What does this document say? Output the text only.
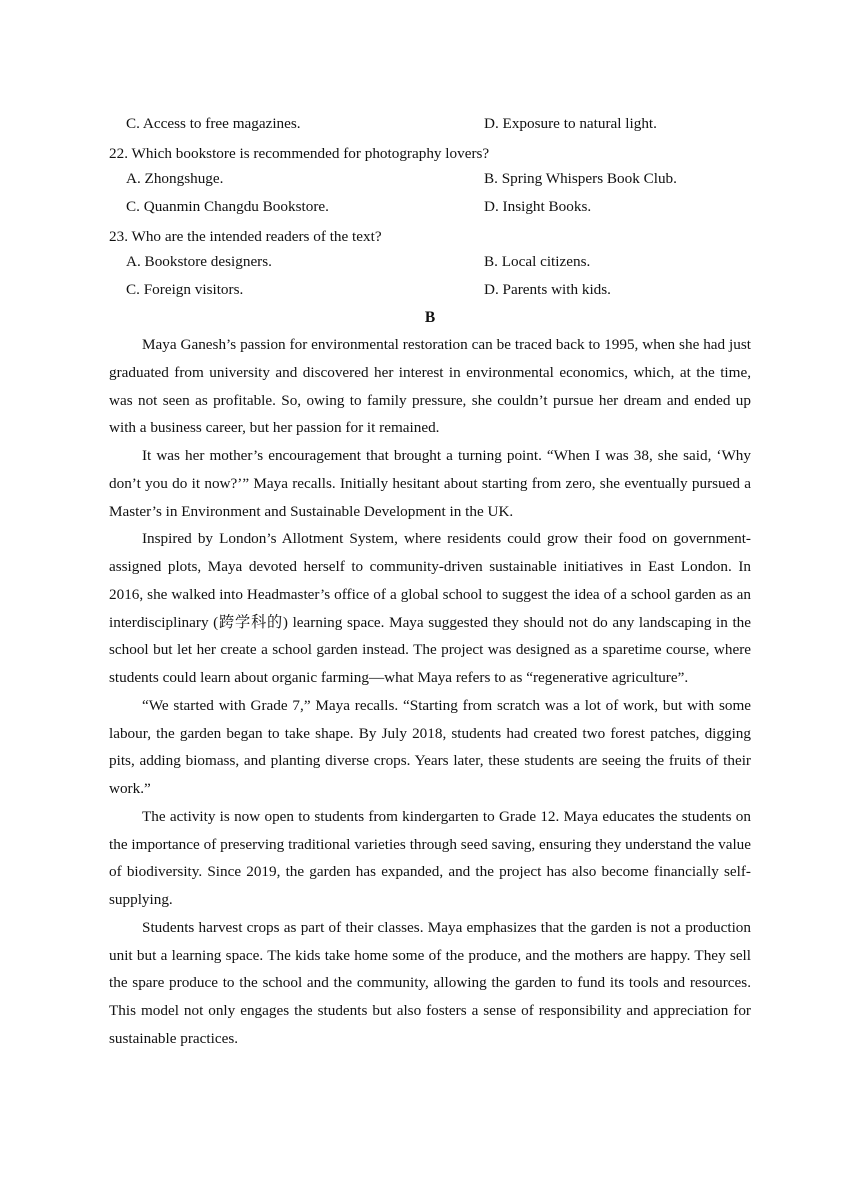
C. Access to free magazines.	D. Exposure to natural light.
22. Which bookstore is recommended for photography lovers?
A. Zhongshuge.	B. Spring Whispers Book Club.
C. Quanmin Changdu Bookstore.	D. Insight Books.
23. Who are the intended readers of the text?
A. Bookstore designers.	B. Local citizens.
C. Foreign visitors.	D. Parents with kids.
B

Maya Ganesh’s passion for environmental restoration can be traced back to 1995, when she had just graduated from university and discovered her interest in environmental economics, which, at the time, was not seen as profitable. So, owing to family pressure, she couldn’t pursue her dream and ended up with a business career, but her passion for it remained.

It was her mother’s encouragement that brought a turning point. “When I was 38, she said, ‘Why don’t you do it now?’” Maya recalls. Initially hesitant about starting from zero, she eventually pursued a Master’s in Environment and Sustainable Development in the UK.

Inspired by London’s Allotment System, where residents could grow their food on government-assigned plots, Maya devoted herself to community-driven sustainable initiatives in East London. In 2016, she walked into Headmaster’s office of a global school to suggest the idea of a school garden as an interdisciplinary (跨学科的) learning space. Maya suggested they should not do any landscaping in the school but let her create a school garden instead. The project was designed as a sparetime course, where students could learn about organic farming—what Maya refers to as “regenerative agriculture”.

“We started with Grade 7,” Maya recalls. “Starting from scratch was a lot of work, but with some labour, the garden began to take shape. By July 2018, students had created two forest patches, digging pits, adding biomass, and planting diverse crops. Years later, these students are seeing the fruits of their work.”

The activity is now open to students from kindergarten to Grade 12. Maya educates the students on the importance of preserving traditional varieties through seed saving, ensuring they understand the value of biodiversity. Since 2019, the garden has expanded, and the project has also become financially self-supplying.

Students harvest crops as part of their classes. Maya emphasizes that the garden is not a production unit but a learning space. The kids take home some of the produce, and the mothers are happy. They sell the spare produce to the school and the community, allowing the garden to fund its tools and resources. This model not only engages the students but also fosters a sense of responsibility and appreciation for sustainable practices.
